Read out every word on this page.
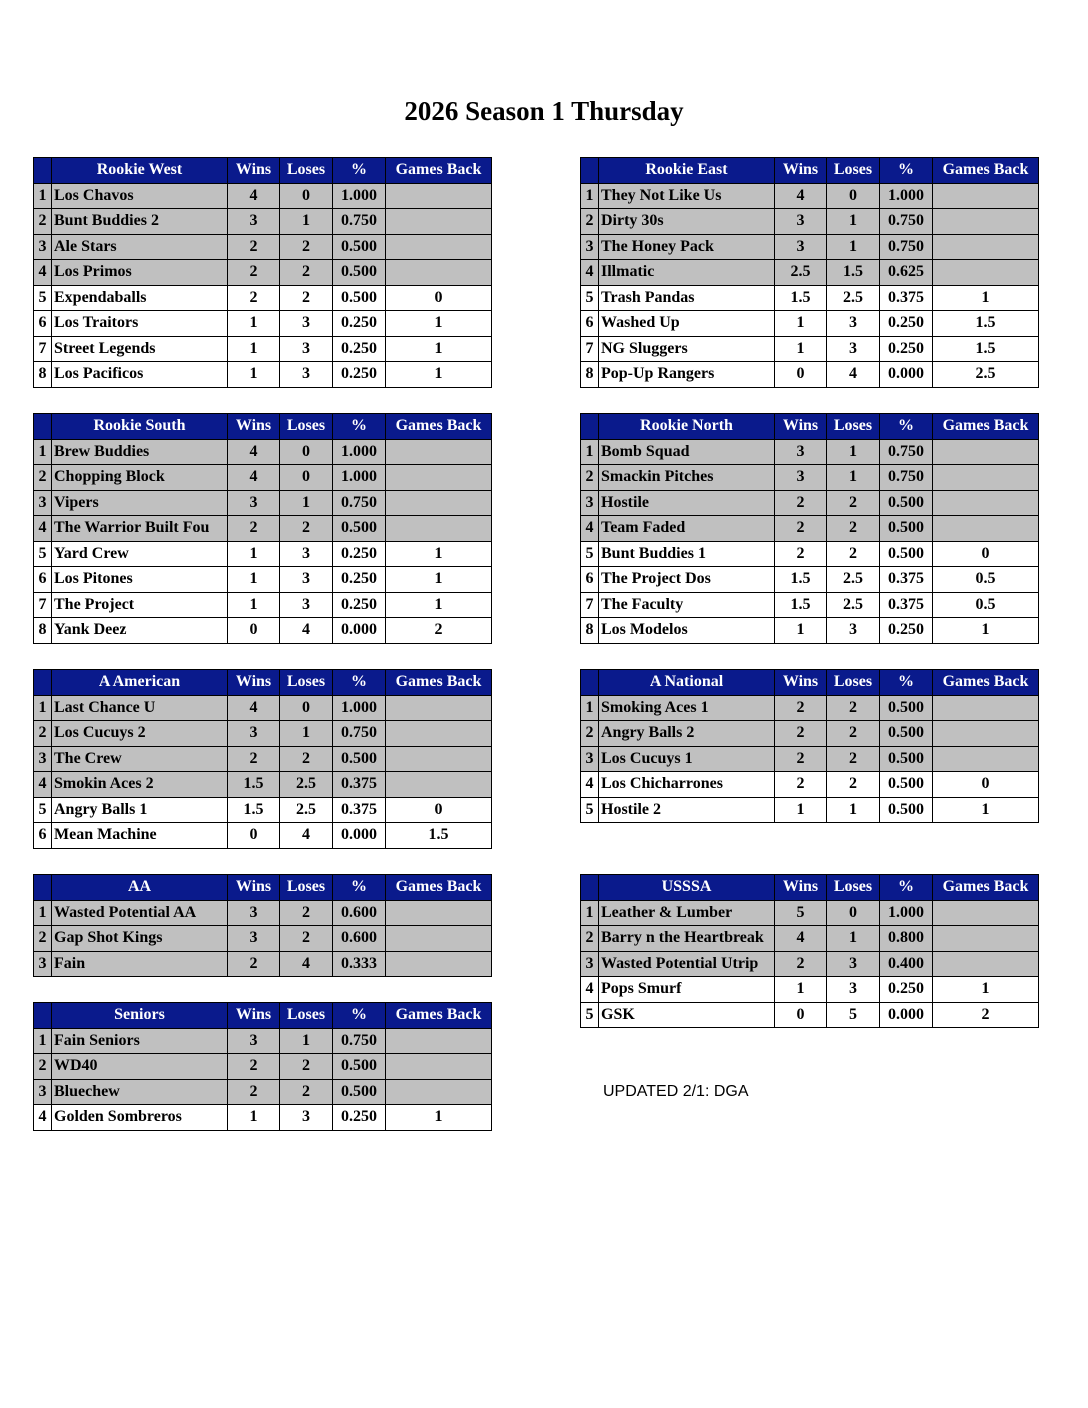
2026 Season 1 Thursday
	Rookie West	Wins	Loses	%	Games Back
1	Los Chavos	4	0	1.000	
2	Bunt Buddies 2	3	1	0.750	
3	Ale Stars	2	2	0.500	
4	Los Primos	2	2	0.500	
5	Expendaballs	2	2	0.500	0
6	Los Traitors	1	3	0.250	1
7	Street Legends	1	3	0.250	1
8	Los Pacificos	1	3	0.250	1
	Rookie East	Wins	Loses	%	Games Back
1	They Not Like Us	4	0	1.000	
2	Dirty 30s	3	1	0.750	
3	The Honey Pack	3	1	0.750	
4	Illmatic	2.5	1.5	0.625	
5	Trash Pandas	1.5	2.5	0.375	1
6	Washed Up	1	3	0.250	1.5
7	NG Sluggers	1	3	0.250	1.5
8	Pop-Up Rangers	0	4	0.000	2.5
	Rookie South	Wins	Loses	%	Games Back
1	Brew Buddies	4	0	1.000	
2	Chopping Block	4	0	1.000	
3	Vipers	3	1	0.750	
4	The Warrior Built Fou	2	2	0.500	
5	Yard Crew	1	3	0.250	1
6	Los Pitones	1	3	0.250	1
7	The Project	1	3	0.250	1
8	Yank Deez	0	4	0.000	2
	Rookie North	Wins	Loses	%	Games Back
1	Bomb Squad	3	1	0.750	
2	Smackin Pitches	3	1	0.750	
3	Hostile	2	2	0.500	
4	Team Faded	2	2	0.500	
5	Bunt Buddies 1	2	2	0.500	0
6	The Project Dos	1.5	2.5	0.375	0.5
7	The Faculty	1.5	2.5	0.375	0.5
8	Los Modelos	1	3	0.250	1
	A American	Wins	Loses	%	Games Back
1	Last Chance U	4	0	1.000	
2	Los Cucuys 2	3	1	0.750	
3	The Crew	2	2	0.500	
4	Smokin Aces 2	1.5	2.5	0.375	
5	Angry Balls 1	1.5	2.5	0.375	0
6	Mean Machine	0	4	0.000	1.5
	A National	Wins	Loses	%	Games Back
1	Smoking Aces 1	2	2	0.500	
2	Angry Balls 2	2	2	0.500	
3	Los Cucuys 1	2	2	0.500	
4	Los Chicharrones	2	2	0.500	0
5	Hostile 2	1	1	0.500	1
	AA	Wins	Loses	%	Games Back
1	Wasted Potential AA	3	2	0.600	
2	Gap Shot Kings	3	2	0.600	
3	Fain	2	4	0.333	
	USSSA	Wins	Loses	%	Games Back
1	Leather & Lumber	5	0	1.000	
2	Barry n the Heartbreak	4	1	0.800	
3	Wasted Potential Utrip	2	3	0.400	
4	Pops Smurf	1	3	0.250	1
5	GSK	0	5	0.000	2
	Seniors	Wins	Loses	%	Games Back
1	Fain Seniors	3	1	0.750	
2	WD40	2	2	0.500	
3	Bluechew	2	2	0.500	
4	Golden Sombreros	1	3	0.250	1
UPDATED 2/1: DGA
